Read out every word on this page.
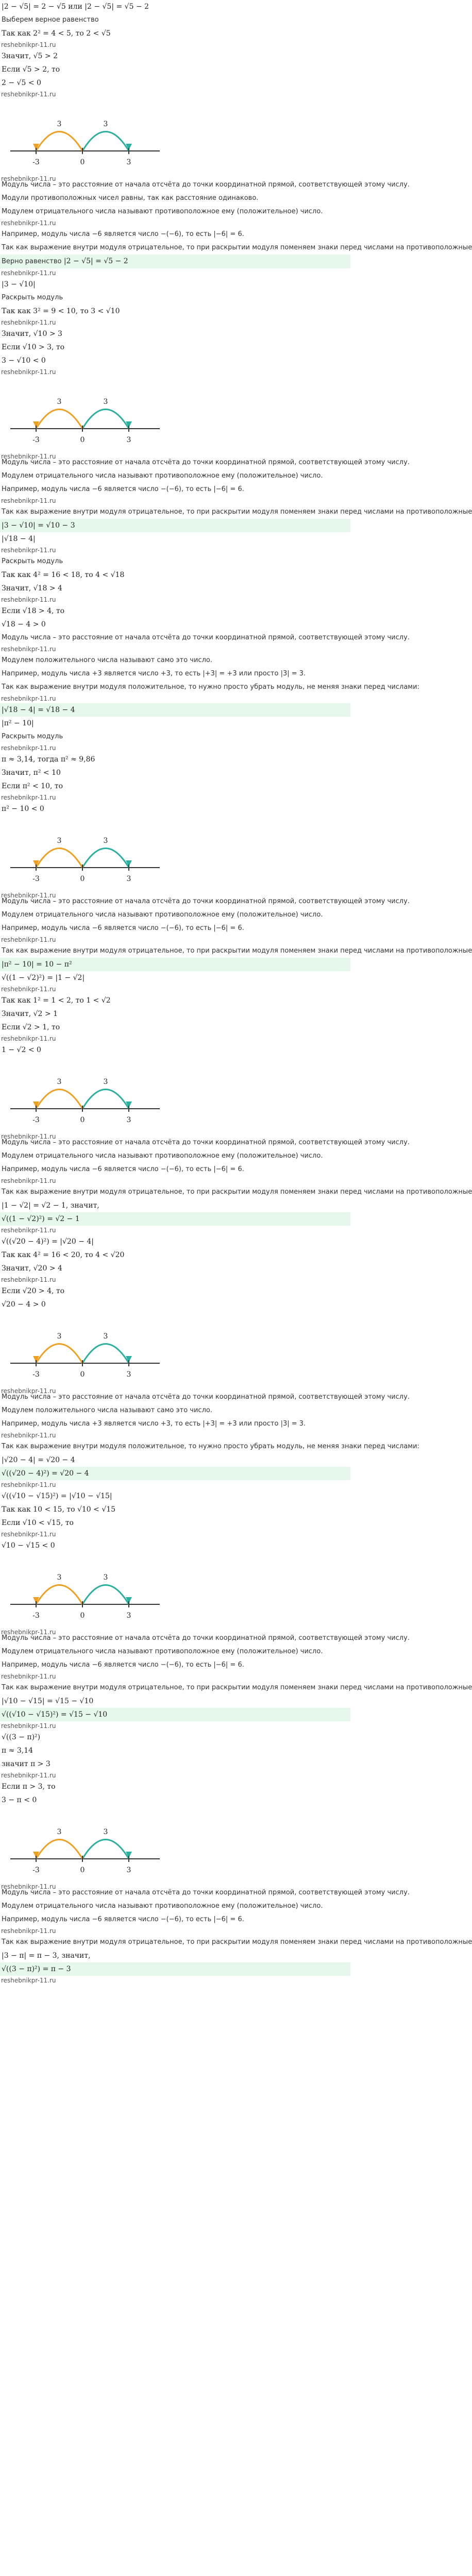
|2 − √5| = 2 − √5 или |2 − √5| = √5 − 2
Выберем верное равенство
Так как 2² = 4 < 5, то 2 < √5
reshebnikpr-11.ru
Значит, √5 > 2
Если √5 > 2, то
2 − √5 < 0
reshebnikpr-11.ru
-3
3
0	3
3
reshebnikpr-11.ru
Модуль числа – это расстояние от начала отсчёта до точки координатной прямой, соответствующей этому числу.
Модули противоположных чисел равны, так как расстояние одинаково.
Модулем отрицательного числа называют противоположное ему (положительное) число.
reshebnikpr-11.ru
Например, модуль числа −6 является число −(−6), то есть |−6| = 6.
Так как выражение внутри модуля отрицательное, то при раскрытии модуля поменяем знаки перед числами на противоположные
Верно равенство |2 − √5| = √5 − 2
reshebnikpr-11.ru
|3 − √10|
Раскрыть модуль
Так как 3² = 9 < 10, то 3 < √10
reshebnikpr-11.ru
Значит, √10 > 3
Если √10 > 3, то
3 − √10 < 0
reshebnikpr-11.ru
-3
3
0	3
3
reshebnikpr-11.ru
Модуль числа – это расстояние от начала отсчёта до точки координатной прямой, соответствующей этому числу.
Модулем отрицательного числа называют противоположное ему (положительное) число.
Например, модуль числа −6 является число −(−6), то есть |−6| = 6.
reshebnikpr-11.ru
Так как выражение внутри модуля отрицательное, то при раскрытии модуля поменяем знаки перед числами на противоположные
|3 − √10| = √10 − 3
|√18 − 4|
reshebnikpr-11.ru
Раскрыть модуль
Так как 4² = 16 < 18, то 4 < √18
Значит, √18 > 4
reshebnikpr-11.ru
Если √18 > 4, то
√18 − 4 > 0
Модуль числа – это расстояние от начала отсчёта до точки координатной прямой, соответствующей этому числу.
reshebnikpr-11.ru
Модулем положительного числа называют само это число.
Например, модуль числа +3 является число +3, то есть |+3| = +3 или просто |3| = 3.
Так как выражение внутри модуля положительное, то нужно просто убрать модуль, не меняя знаки перед числами:
reshebnikpr-11.ru
|√18 − 4| = √18 − 4
|π² − 10|
Раскрыть модуль
reshebnikpr-11.ru
π ≈ 3,14, тогда π² ≈ 9,86
Значит, π² < 10
Если π² < 10, то
reshebnikpr-11.ru
π² − 10 < 0
-3
3
0	3
3
reshebnikpr-11.ru
Модуль числа – это расстояние от начала отсчёта до точки координатной прямой, соответствующей этому числу.
Модулем отрицательного числа называют противоположное ему (положительное) число.
Например, модуль числа −6 является число −(−6), то есть |−6| = 6.
reshebnikpr-11.ru
Так как выражение внутри модуля отрицательное, то при раскрытии модуля поменяем знаки перед числами на противоположные
|π² − 10| = 10 − π²
√((1 − √2)²) = |1 − √2|
reshebnikpr-11.ru
Так как 1² = 1 < 2, то 1 < √2
Значит, √2 > 1
Если √2 > 1, то
reshebnikpr-11.ru
1 − √2 < 0
-3
3
0	3
3
reshebnikpr-11.ru
Модуль числа – это расстояние от начала отсчёта до точки координатной прямой, соответствующей этому числу.
Модулем отрицательного числа называют противоположное ему (положительное) число.
Например, модуль числа −6 является число −(−6), то есть |−6| = 6.
reshebnikpr-11.ru
Так как выражение внутри модуля отрицательное, то при раскрытии модуля поменяем знаки перед числами на противоположные
|1 − √2| = √2 − 1, значит,
√((1 − √2)²) = √2 − 1
reshebnikpr-11.ru
√((√20 − 4)²) = |√20 − 4|
Так как 4² = 16 < 20, то 4 < √20
Значит, √20 > 4
reshebnikpr-11.ru
Если √20 > 4, то
√20 − 4 > 0
-3
3
0	3
3
reshebnikpr-11.ru
Модуль числа – это расстояние от начала отсчёта до точки координатной прямой, соответствующей этому числу.
Модулем положительного числа называют само это число.
Например, модуль числа +3 является число +3, то есть |+3| = +3 или просто |3| = 3.
reshebnikpr-11.ru
Так как выражение внутри модуля положительное, то нужно просто убрать модуль, не меняя знаки перед числами:
|√20 − 4| = √20 − 4
√((√20 − 4)²) = √20 − 4
reshebnikpr-11.ru
√((√10 − √15)²) = |√10 − √15|
Так как 10 < 15, то √10 < √15
Если √10 < √15, то
reshebnikpr-11.ru
√10 − √15 < 0
-3
3
0	3
3
reshebnikpr-11.ru
Модуль числа – это расстояние от начала отсчёта до точки координатной прямой, соответствующей этому числу.
Модулем отрицательного числа называют противоположное ему (положительное) число.
Например, модуль числа −6 является число −(−6), то есть |−6| = 6.
reshebnikpr-11.ru
Так как выражение внутри модуля отрицательное, то при раскрытии модуля поменяем знаки перед числами на противоположные
|√10 − √15| = √15 − √10
√((√10 − √15)²) = √15 − √10
reshebnikpr-11.ru
√((3 − π)²)
π ≈ 3,14
значит π > 3
reshebnikpr-11.ru
Если π > 3, то
3 − π < 0
-3
3
0	3
3
reshebnikpr-11.ru
Модуль числа – это расстояние от начала отсчёта до точки координатной прямой, соответствующей этому числу.
Модулем отрицательного числа называют противоположное ему (положительное) число.
Например, модуль числа −6 является число −(−6), то есть |−6| = 6.
reshebnikpr-11.ru
Так как выражение внутри модуля отрицательное, то при раскрытии модуля поменяем знаки перед числами на противоположные
|3 − π| = π − 3, значит,
√((3 − π)²) = π − 3
reshebnikpr-11.ru
